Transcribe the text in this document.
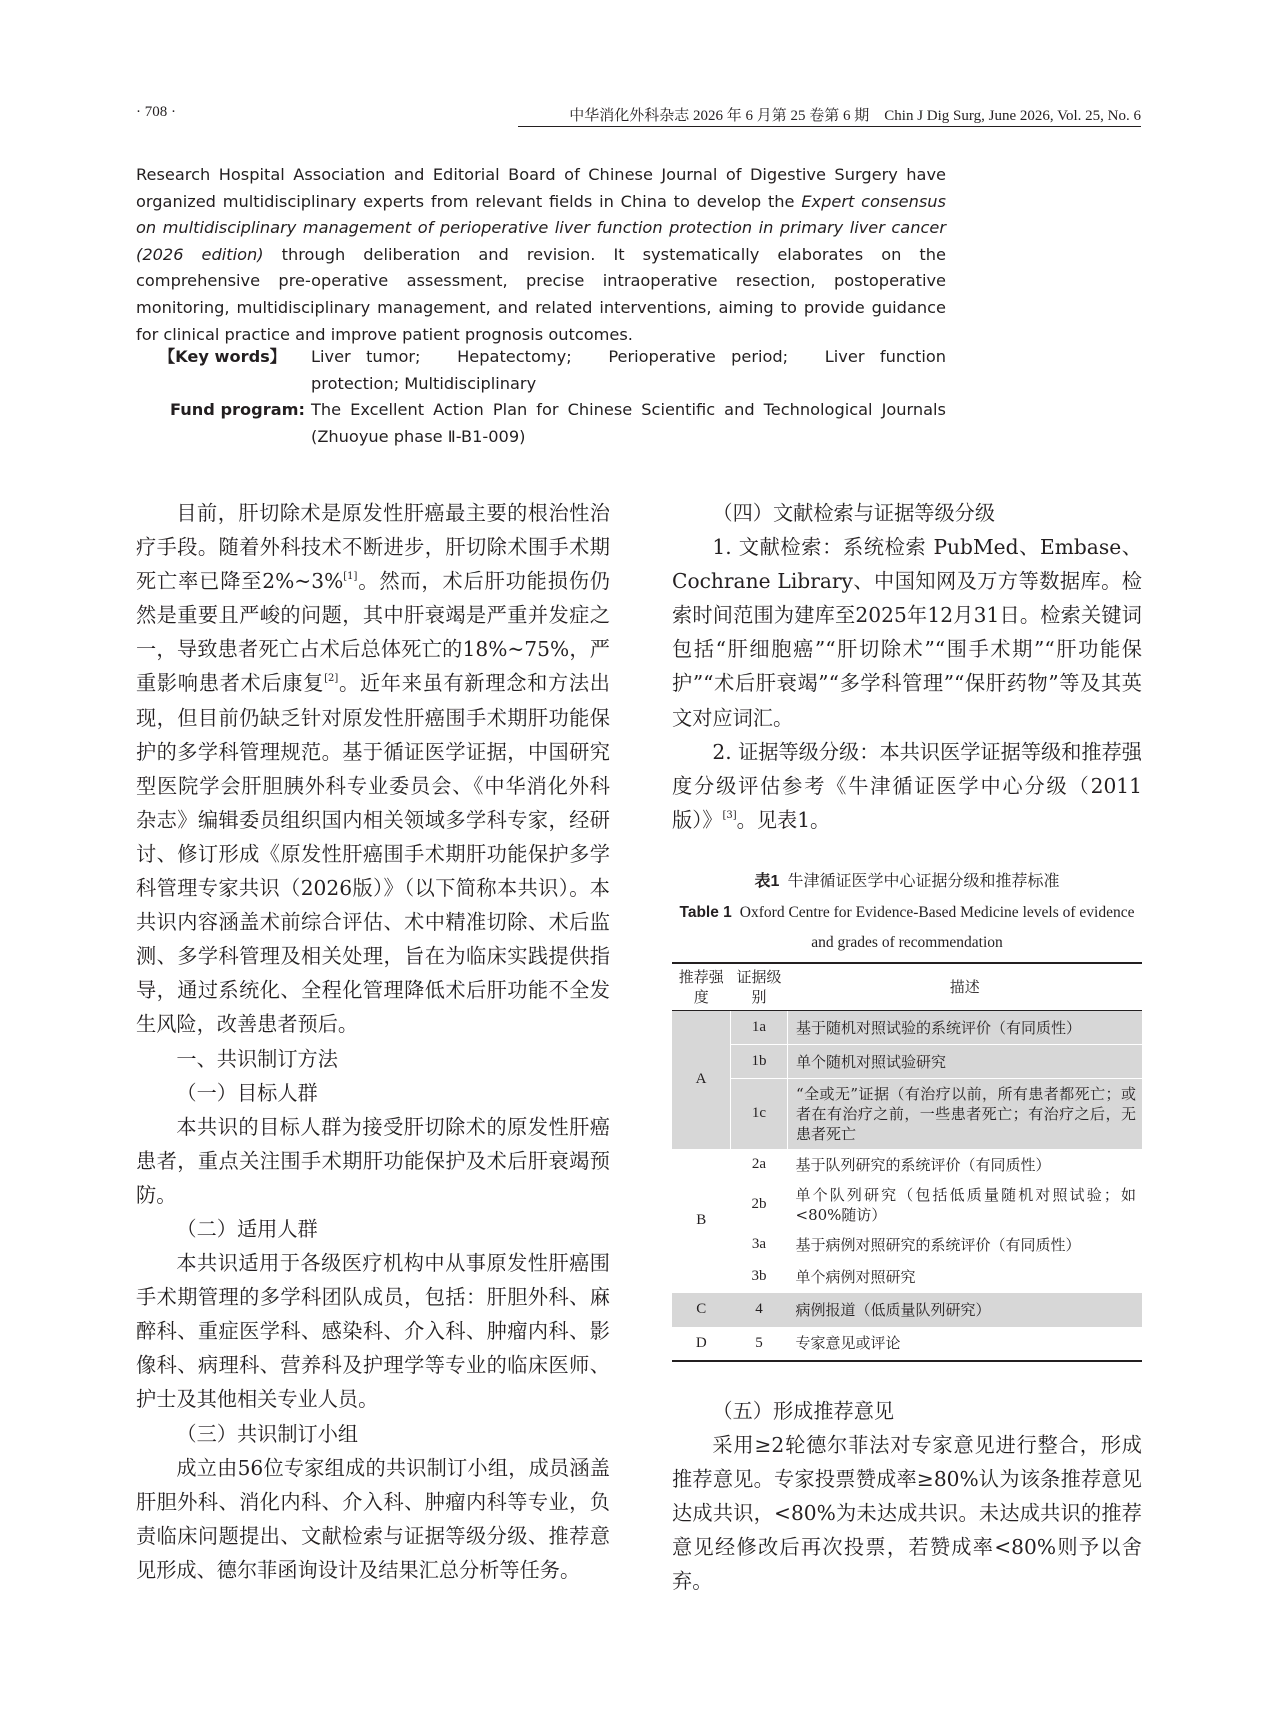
· 708 ·	中华消化外科杂志 2026 年 6 月第 25 卷第 6 期　Chin J Dig Surg, June 2026, Vol. 25, No. 6
Research Hospital Association and Editorial Board of Chinese Journal of Digestive Surgery have organized multidisciplinary experts from relevant fields in China to develop the Expert consensus on multidisciplinary management of perioperative liver function protection in primary liver cancer (2026 edition) through deliberation and revision. It systematically elaborates on the comprehensive pre-operative assessment, precise intraoperative resection, postoperative monitoring, multidisciplinary management, and related interventions, aiming to provide guidance for clinical practice and improve patient prognosis outcomes.
【Key words】 Liver tumor;　Hepatectomy;　Perioperative period;　Liver function protection; Multidisciplinary
Fund program: The Excellent Action Plan for Chinese Scientific and Technological Journals (Zhuoyue phase Ⅱ-B1-009)

目前，肝切除术是原发性肝癌最主要的根治性治疗手段。随着外科技术不断进步，肝切除术围手术期死亡率已降至2%~3%[1]。然而，术后肝功能损伤仍然是重要且严峻的问题，其中肝衰竭是严重并发症之一，导致患者死亡占术后总体死亡的18%~75%，严重影响患者术后康复[2]。近年来虽有新理念和方法出现，但目前仍缺乏针对原发性肝癌围手术期肝功能保护的多学科管理规范。基于循证医学证据，中国研究型医院学会肝胆胰外科专业委员会、《中华消化外科杂志》编辑委员组织国内相关领域多学科专家，经研讨、修订形成《原发性肝癌围手术期肝功能保护多学科管理专家共识（2026版）》（以下简称本共识）。本共识内容涵盖术前综合评估、术中精准切除、术后监测、多学科管理及相关处理，旨在为临床实践提供指导，通过系统化、全程化管理降低术后肝功能不全发生风险，改善患者预后。

一、共识制订方法

（一）目标人群

本共识的目标人群为接受肝切除术的原发性肝癌患者，重点关注围手术期肝功能保护及术后肝衰竭预防。

（二）适用人群

本共识适用于各级医疗机构中从事原发性肝癌围手术期管理的多学科团队成员，包括：肝胆外科、麻醉科、重症医学科、感染科、介入科、肿瘤内科、影像科、病理科、营养科及护理学等专业的临床医师、护士及其他相关专业人员。

（三）共识制订小组

成立由56位专家组成的共识制订小组，成员涵盖肝胆外科、消化内科、介入科、肿瘤内科等专业，负责临床问题提出、文献检索与证据等级分级、推荐意见形成、德尔菲函询设计及结果汇总分析等任务。

（四）文献检索与证据等级分级

1. 文献检索：系统检索 PubMed、Embase、Cochrane Library、中国知网及万方等数据库。检索时间范围为建库至2025年12月31日。检索关键词包括“肝细胞癌”“肝切除术”“围手术期”“肝功能保护”“术后肝衰竭”“多学科管理”“保肝药物”等及其英文对应词汇。

2. 证据等级分级：本共识医学证据等级和推荐强度分级评估参考《牛津循证医学中心分级（2011版）》[3]。见表1。

表1 牛津循证医学中心证据分级和推荐标准
Table 1 Oxford Centre for Evidence-Based Medicine levels of evidence and grades of recommendation
推荐强度	证据级别	描述
A	1a	基于随机对照试验的系统评价（有同质性）
	1b	单个随机对照试验研究
	1c	“全或无”证据（有治疗以前，所有患者都死亡；或者在有治疗之前，一些患者死亡；有治疗之后，无患者死亡
B	2a	基于队列研究的系统评价（有同质性）
	2b	单个队列研究（包括低质量随机对照试验；如<80%随访）
	3a	基于病例对照研究的系统评价（有同质性）
	3b	单个病例对照研究
C	4	病例报道（低质量队列研究）
D	5	专家意见或评论

（五）形成推荐意见

采用≥2轮德尔菲法对专家意见进行整合，形成推荐意见。专家投票赞成率≥80%认为该条推荐意见达成共识，<80%为未达成共识。未达成共识的推荐意见经修改后再次投票，若赞成率<80%则予以舍弃。
